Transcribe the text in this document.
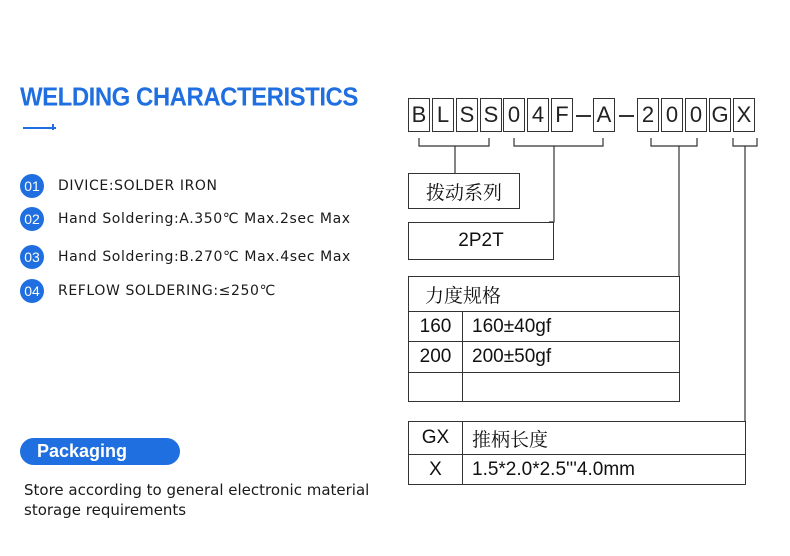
WELDING CHARACTERISTICS
01	DIVICE:SOLDER IRON
02	Hand Soldering:A.350℃ Max.2sec Max
03	Hand Soldering:B.270℃ Max.4sec Max
04	REFLOW SOLDERING:≤250℃
Packaging
Store according to general electronic material storage requirements
B L S S 0 4 F A 2 0 0 G X
拨动系列
2P2T
力度规格
160	160±40gf
200	200±50gf
GX	推柄长度
X	1.5*2.0*2.5'''4.0mm
